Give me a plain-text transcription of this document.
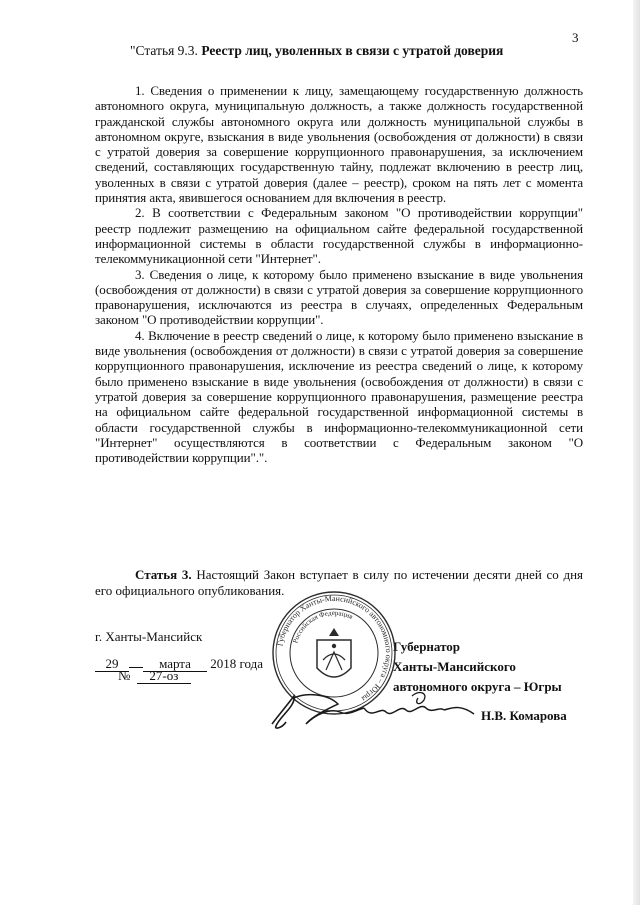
3
"Статья 9.3. Реестр лиц, уволенных в связи с утратой доверия

1. Сведения о применении к лицу, замещающему государственную должность автономного округа, муниципальную должность, а также должность государственной гражданской службы автономного округа или должность муниципальной службы в автономном округе, взыскания в виде увольнения (освобождения от должности) в связи с утратой доверия за совершение коррупционного правонарушения, за исключением сведений, составляющих государственную тайну, подлежат включению в реестр лиц, уволенных в связи с утратой доверия (далее – реестр), сроком на пять лет с момента принятия акта, явившегося основанием для включения в реестр.

2. В соответствии с Федеральным законом "О противодействии коррупции" реестр подлежит размещению на официальном сайте федеральной государственной информационной системы в области государственной службы в информационно-телекоммуникационной сети "Интернет".

3. Сведения о лице, к которому было применено взыскание в виде увольнения (освобождения от должности) в связи с утратой доверия за совершение коррупционного правонарушения, исключаются из реестра в случаях, определенных Федеральным законом "О противодействии коррупции".

4. Включение в реестр сведений о лице, к которому было применено взыскание в виде увольнения (освобождения от должности) в связи с утратой доверия за совершение коррупционного правонарушения, исключение из реестра сведений о лице, к которому было применено взыскание в виде увольнения (освобождения от должности) в связи с утратой доверия за совершение коррупционного правонарушения, размещение реестра на официальном сайте федеральной государственной информационной системы в области государственной службы в информационно-телекоммуникационной сети "Интернет" осуществляются в соответствии с Федеральным законом "О противодействии коррупции".".

Статья 3. Настоящий Закон вступает в силу по истечении десяти дней со дня его официального опубликования.

г. Ханты-Мансийск
29	марта 2018 года
№ 27-оз
Губернатор
Ханты-Мансийского
автономного округа – Югры
Губернатор Ханты-Мансийского автономного округа – Югры
Российская Федерация
Н.В. Комарова
